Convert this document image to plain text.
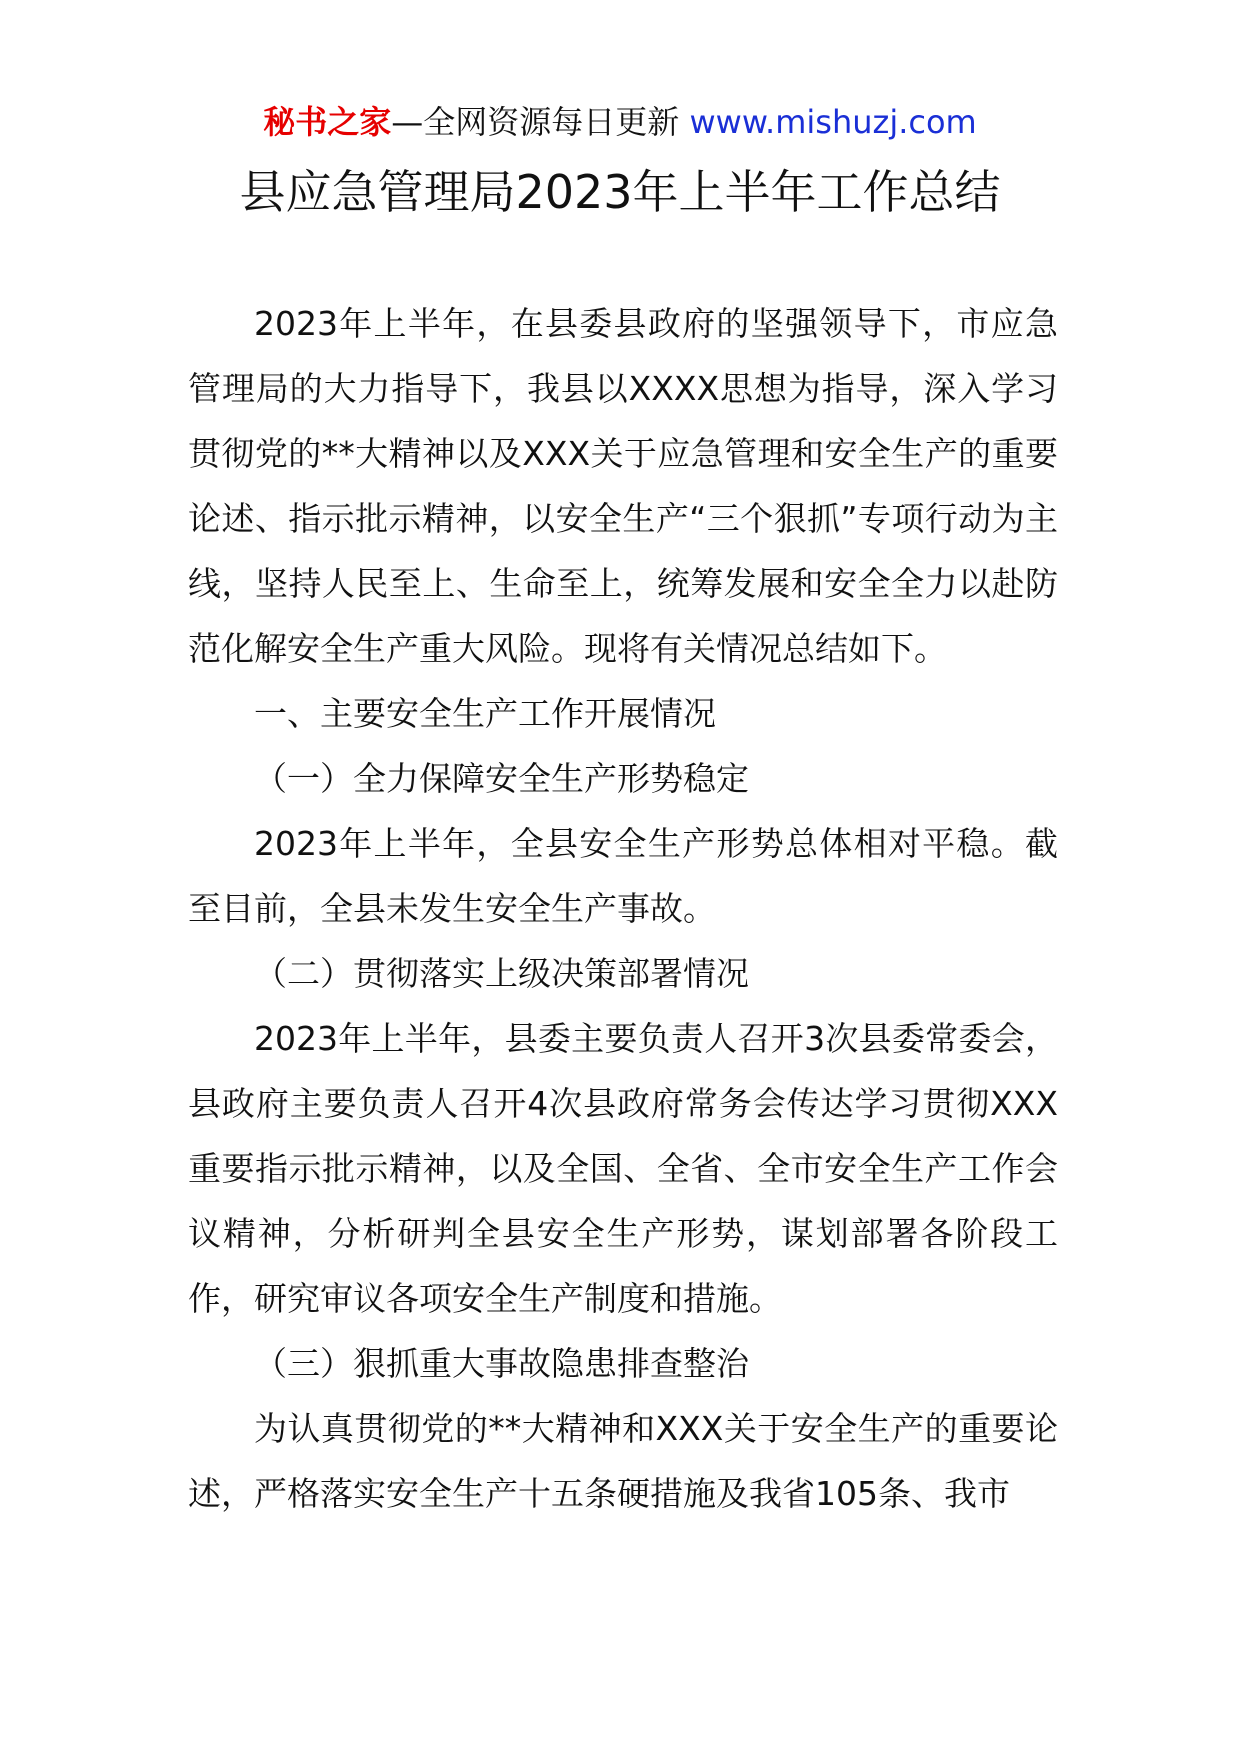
秘书之家—全网资源每日更新 www.mishuzj.com
县应急管理局2023年上半年工作总结

2023年上半年，在县委县政府的坚强领导下，市应急管理局的大力指导下，我县以XXXX思想为指导，深入学习贯彻党的**大精神以及XXX关于应急管理和安全生产的重要论述、指示批示精神，以安全生产“三个狠抓”专项行动为主线，坚持人民至上、生命至上，统筹发展和安全全力以赴防范化解安全生产重大风险。现将有关情况总结如下。

一、主要安全生产工作开展情况

（一）全力保障安全生产形势稳定

2023年上半年，全县安全生产形势总体相对平稳。截至目前，全县未发生安全生产事故。

（二）贯彻落实上级决策部署情况

2023年上半年，县委主要负责人召开3次县委常委会，县政府主要负责人召开4次县政府常务会传达学习贯彻XXX重要指示批示精神，以及全国、全省、全市安全生产工作会议精神，分析研判全县安全生产形势，谋划部署各阶段工作，研究审议各项安全生产制度和措施。

（三）狠抓重大事故隐患排查整治

为认真贯彻党的**大精神和XXX关于安全生产的重要论述，严格落实安全生产十五条硬措施及我省105条、我市
